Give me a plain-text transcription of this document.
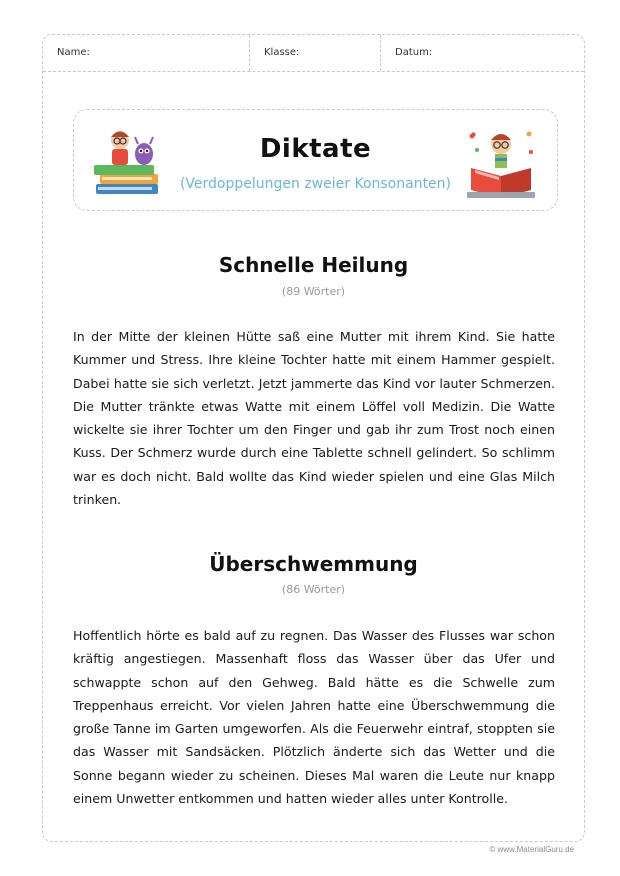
Name:	Klasse:	Datum:
Diktate
(Verdoppelungen zweier Konsonanten)
Schnelle Heilung
(89 Wörter)
In der Mitte der kleinen Hütte saß eine Mutter mit ihrem Kind. Sie hatte Kummer und Stress. Ihre kleine Tochter hatte mit einem Hammer gespielt. Dabei hatte sie sich verletzt. Jetzt jammerte das Kind vor lauter Schmerzen. Die Mutter tränkte etwas Watte mit einem Löffel voll Medizin. Die Watte wickelte sie ihrer Tochter um den Finger und gab ihr zum Trost noch einen Kuss. Der Schmerz wurde durch eine Tablette schnell gelindert. So schlimm war es doch nicht. Bald wollte das Kind wieder spielen und eine Glas Milch trinken.
Überschwemmung
(86 Wörter)
Hoffentlich hörte es bald auf zu regnen. Das Wasser des Flusses war schon kräftig angestiegen. Massenhaft floss das Wasser über das Ufer und schwappte schon auf den Gehweg. Bald hätte es die Schwelle zum Treppenhaus erreicht. Vor vielen Jahren hatte eine Überschwemmung die große Tanne im Garten umgeworfen. Als die Feuerwehr eintraf, stoppten sie das Wasser mit Sandsäcken. Plötzlich änderte sich das Wetter und die Sonne begann wieder zu scheinen. Dieses Mal waren die Leute nur knapp einem Unwetter entkommen und hatten wieder alles unter Kontrolle.
© www.MaterialGuru.de
